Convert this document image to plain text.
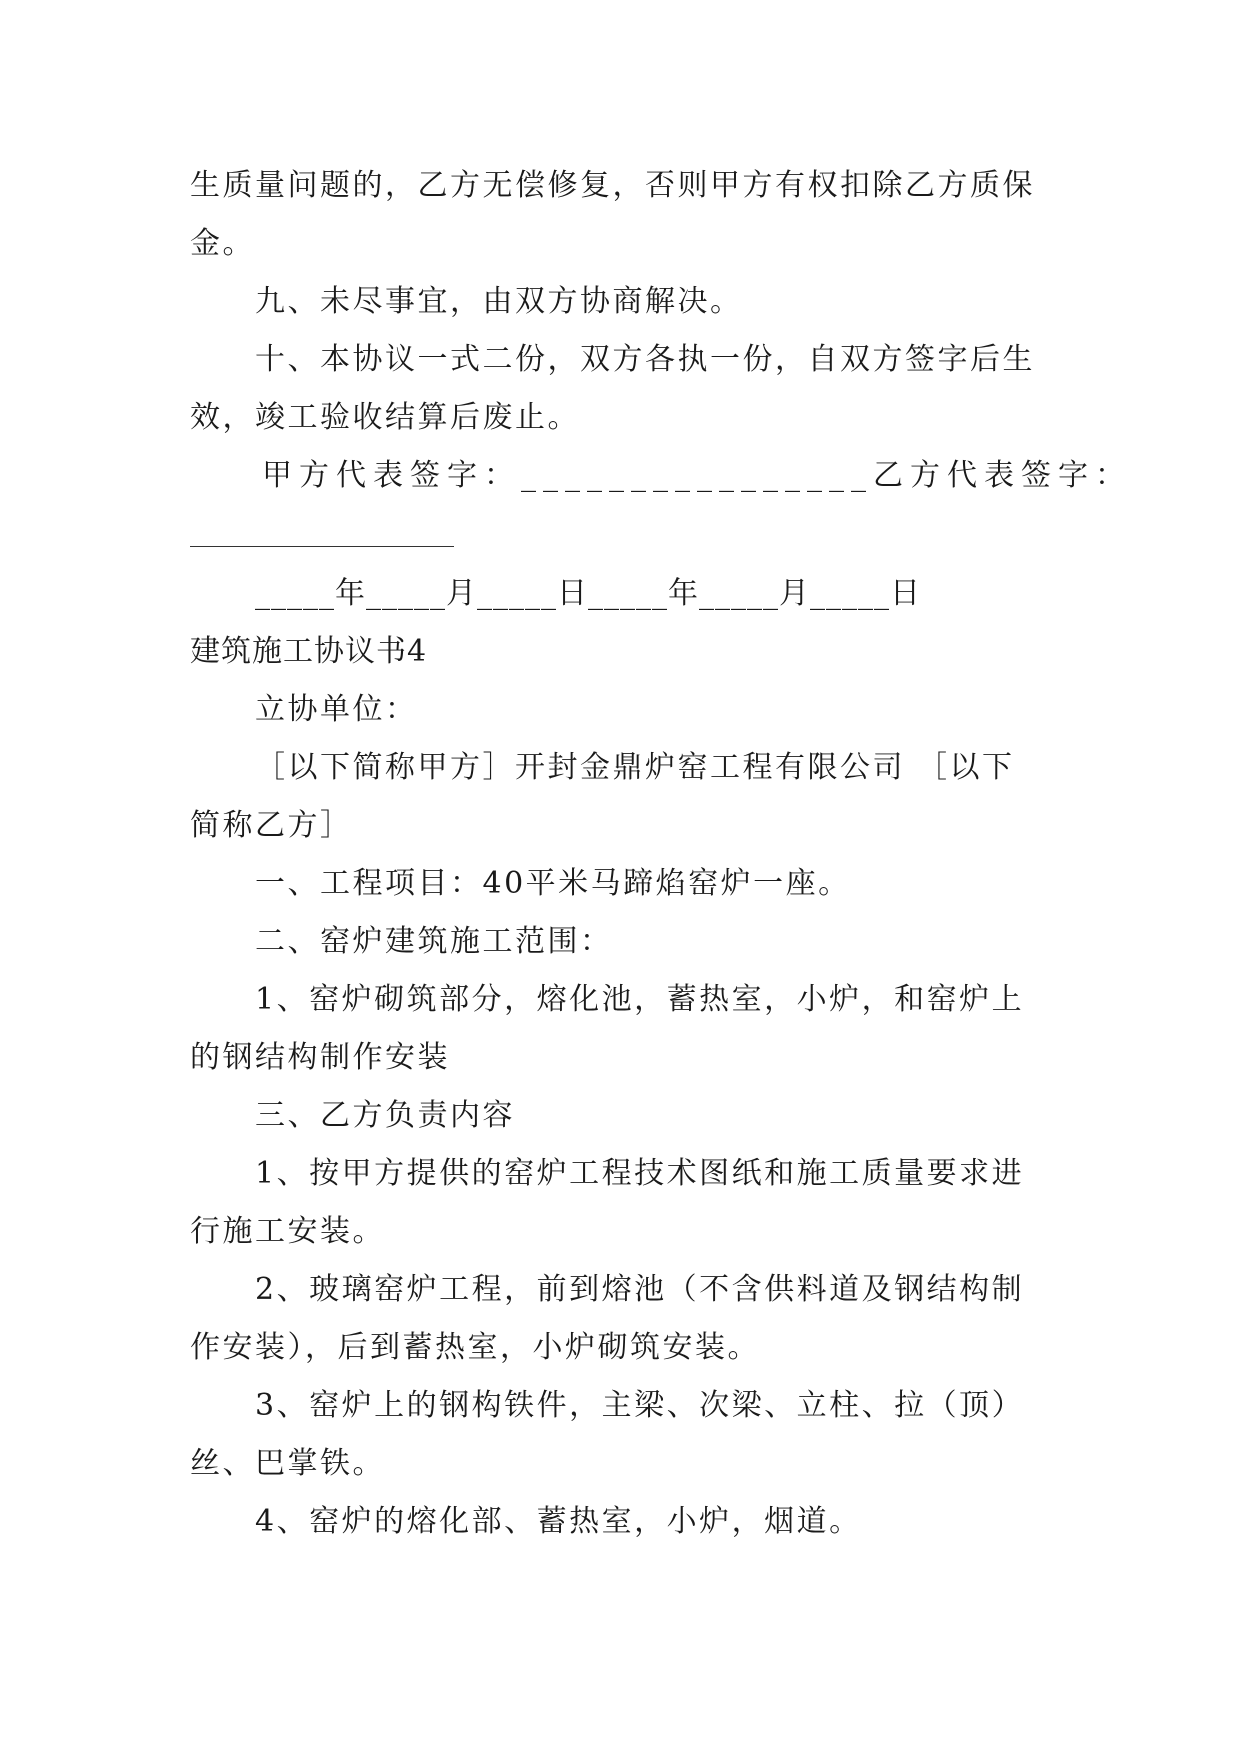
生质量问题的，乙方无偿修复，否则甲方有权扣除乙方质保
金。
九、未尽事宜，由双方协商解决。
十、本协议一式二份，双方各执一份，自双方签字后生
效，竣工验收结算后废止。
甲方代表签字：________________乙方代表签字：
_____年_____月_____日_____年_____月_____日
建筑施工协议书4
立协单位：
［以下简称甲方］开封金鼎炉窑工程有限公司 ［以下
简称乙方］
一、工程项目：40平米马蹄焰窑炉一座。
二、窑炉建筑施工范围：
1、窑炉砌筑部分，熔化池，蓄热室，小炉，和窑炉上
的钢结构制作安装
三、乙方负责内容
1、按甲方提供的窑炉工程技术图纸和施工质量要求进
行施工安装。
2、玻璃窑炉工程，前到熔池（不含供料道及钢结构制
作安装），后到蓄热室，小炉砌筑安装。
3、窑炉上的钢构铁件，主梁、次梁、立柱、拉（顶）
丝、巴掌铁。
4、窑炉的熔化部、蓄热室，小炉，烟道。
